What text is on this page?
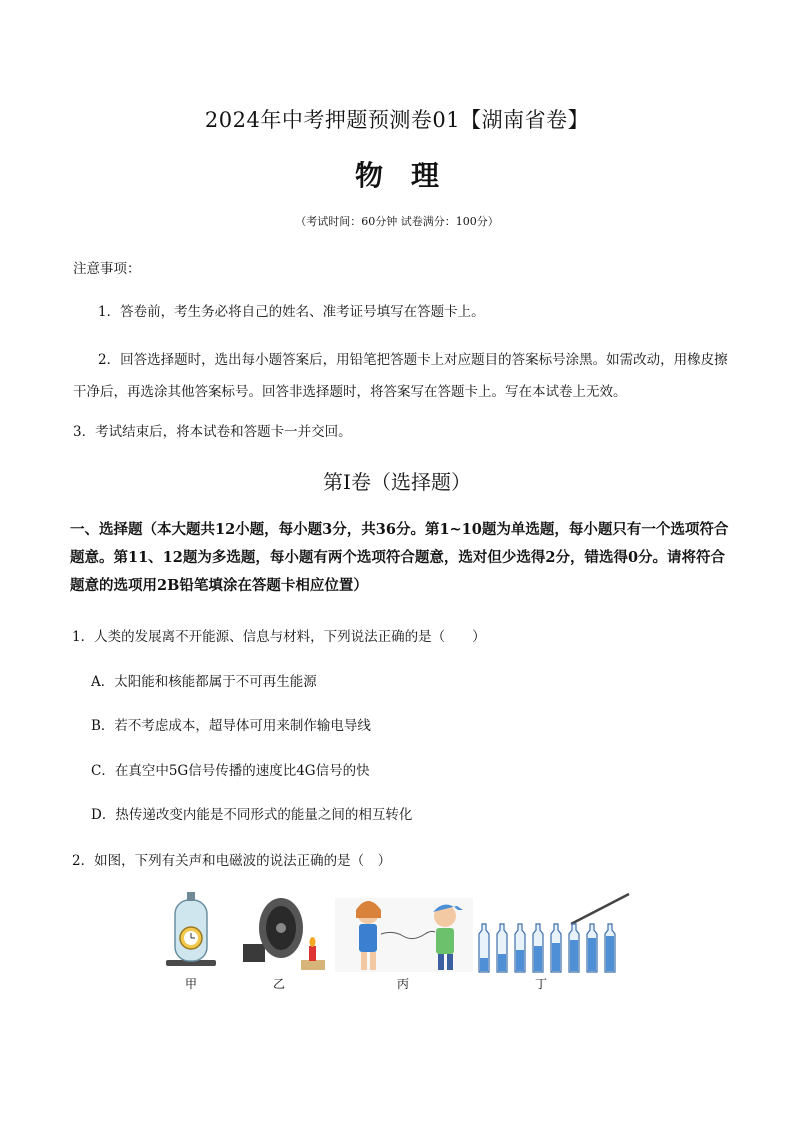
2024年中考押题预测卷01【湖南省卷】
物理
（考试时间：60分钟 试卷满分：100分）
注意事项：
1．答卷前，考生务必将自己的姓名、准考证号填写在答题卡上。
2．回答选择题时，选出每小题答案后，用铅笔把答题卡上对应题目的答案标号涂黑。如需改动，用橡皮擦干净后，再选涂其他答案标号。回答非选择题时，将答案写在答题卡上。写在本试卷上无效。
3．考试结束后，将本试卷和答题卡一并交回。
第Ⅰ卷（选择题）
一、选择题（本大题共12小题，每小题3分，共36分。第1~10题为单选题，每小题只有一个选项符合题意。第11、12题为多选题，每小题有两个选项符合题意，选对但少选得2分，错选得0分。请将符合题意的选项用2B铅笔填涂在答题卡相应位置）
1．人类的发展离不开能源、信息与材料，下列说法正确的是（　　）
A．太阳能和核能都属于不可再生能源
B．若不考虑成本，超导体可用来制作输电导线
C．在真空中5G信号传播的速度比4G信号的快
D．热传递改变内能是不同形式的能量之间的相互转化
2．如图，下列有关声和电磁波的说法正确的是（　）
甲	乙	丙	丁
